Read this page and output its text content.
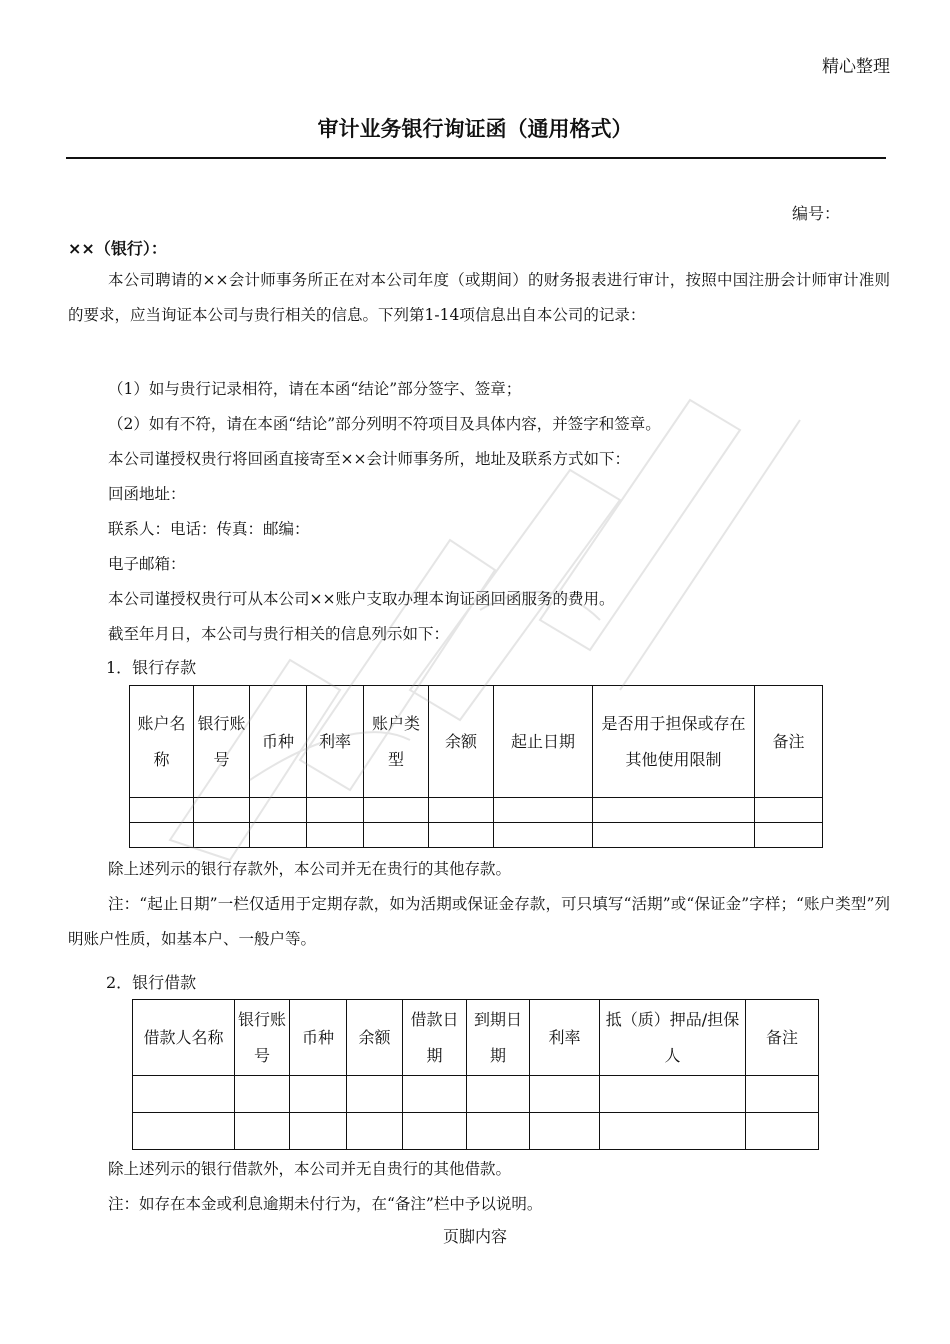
精心整理
审计业务银行询证函（通用格式）
编号：
××（银行）：
本公司聘请的××会计师事务所正在对本公司年度（或期间）的财务报表进行审计，按照中国注册会计师审计准则的要求，应当询证本公司与贵行相关的信息。下列第1-14项信息出自本公司的记录：
（1）如与贵行记录相符，请在本函“结论”部分签字、签章；
（2）如有不符，请在本函“结论”部分列明不符项目及具体内容，并签字和签章。
本公司谨授权贵行将回函直接寄至××会计师事务所，地址及联系方式如下：
回函地址：
联系人：电话：传真：邮编：
电子邮箱：
本公司谨授权贵行可从本公司××账户支取办理本询证函回函服务的费用。
截至年月日，本公司与贵行相关的信息列示如下：
1．银行存款
账户名称	银行账号	币种	利率	账户类型	余额	起止日期	是否用于担保或存在其他使用限制	备注

除上述列示的银行存款外，本公司并无在贵行的其他存款。
注：“起止日期”一栏仅适用于定期存款，如为活期或保证金存款，可只填写“活期”或“保证金”字样；“账户类型”列明账户性质，如基本户、一般户等。
2．银行借款
借款人名称	银行账号	币种	余额	借款日期	到期日期	利率	抵（质）押品/担保人	备注

除上述列示的银行借款外，本公司并无自贵行的其他借款。
注：如存在本金或利息逾期未付行为，在“备注”栏中予以说明。
页脚内容
